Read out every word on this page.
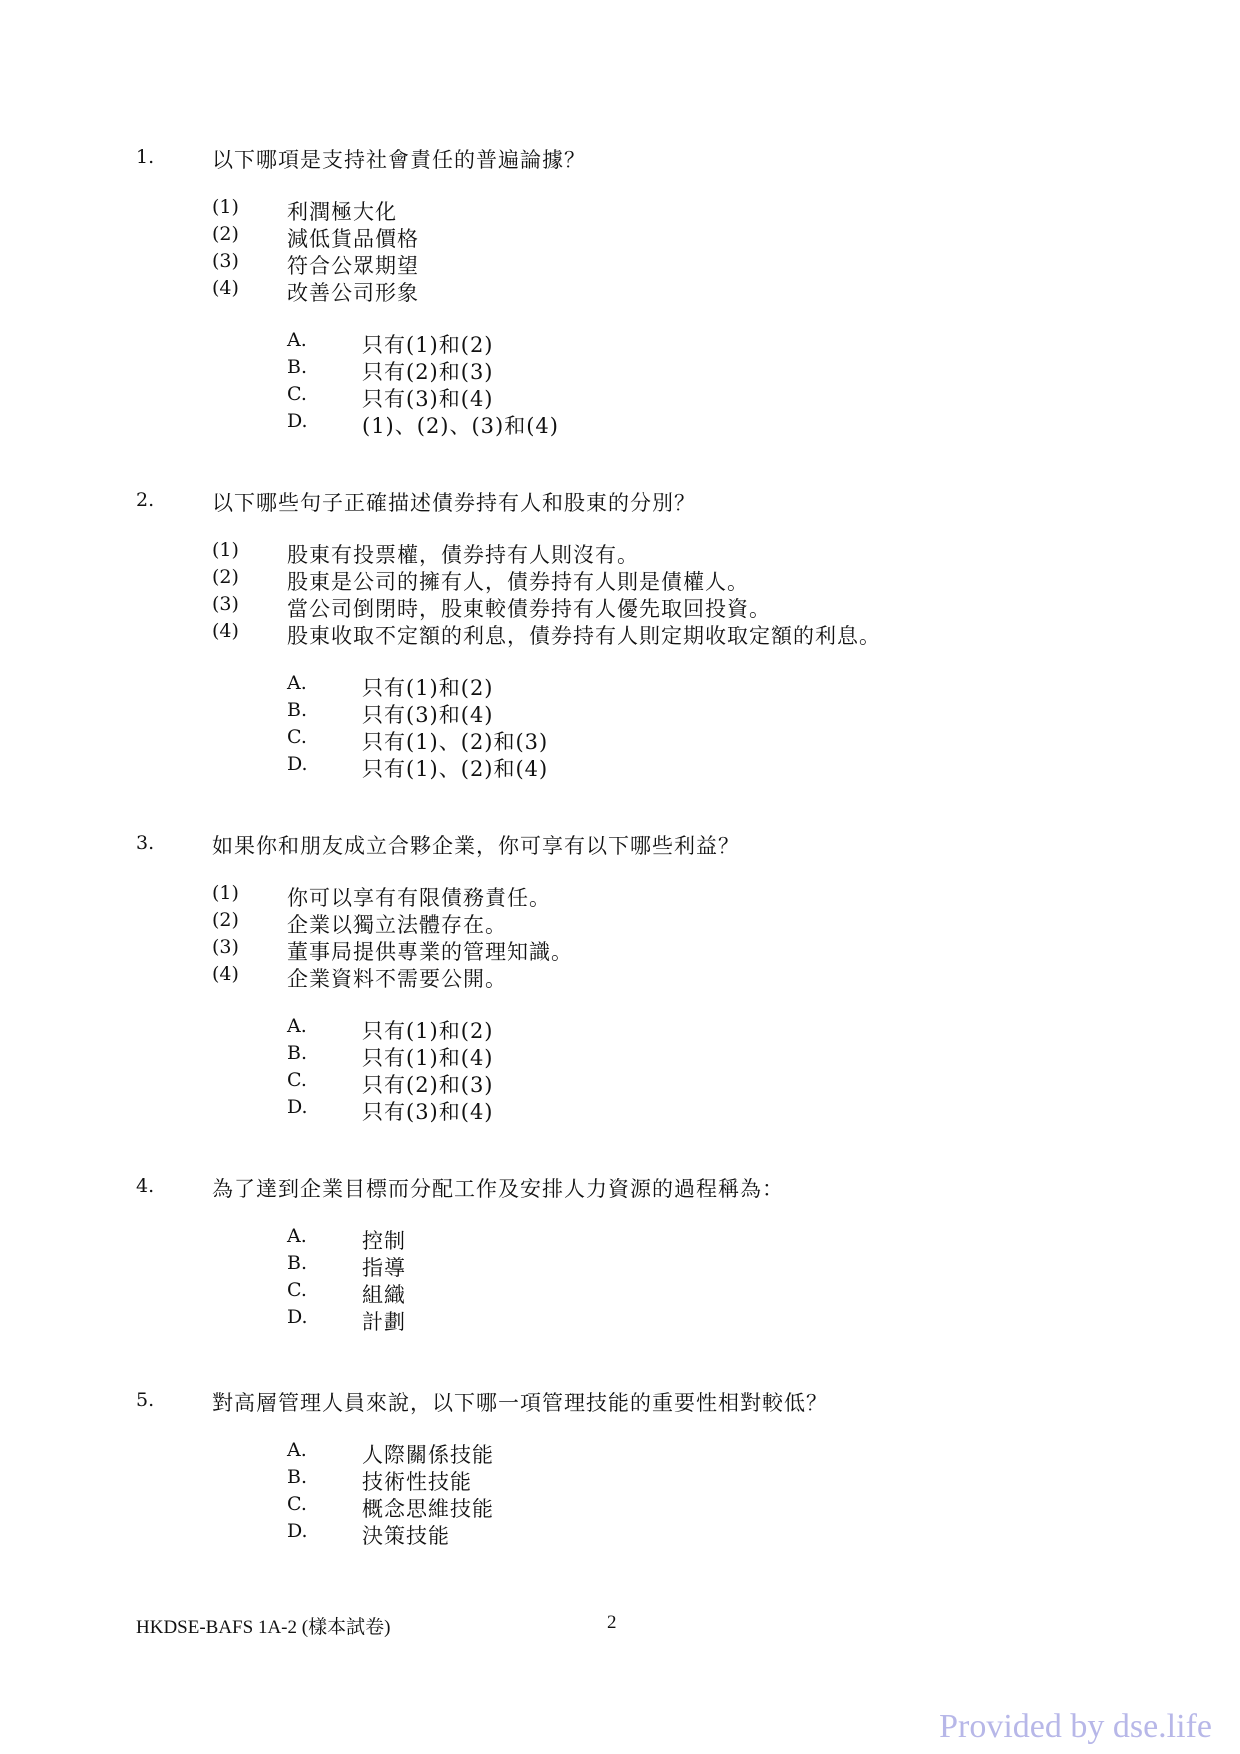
1.	以下哪項是支持社會責任的普遍論據？
(1) 利潤極大化
(2) 減低貨品價格
(3) 符合公眾期望
(4) 改善公司形象
A.	只有(1)和(2)
B.	只有(2)和(3)
C.	只有(3)和(4)
D.	(1)、(2)、(3)和(4)
2.	以下哪些句子正確描述債券持有人和股東的分別？
(1) 股東有投票權，債券持有人則沒有。
(2) 股東是公司的擁有人，債券持有人則是債權人。
(3) 當公司倒閉時，股東較債券持有人優先取回投資。
(4) 股東收取不定額的利息，債券持有人則定期收取定額的利息。
A.	只有(1)和(2)
B.	只有(3)和(4)
C.	只有(1)、(2)和(3)
D.	只有(1)、(2)和(4)
3.	如果你和朋友成立合夥企業，你可享有以下哪些利益？
(1) 你可以享有有限債務責任。
(2) 企業以獨立法體存在。
(3) 董事局提供專業的管理知識。
(4) 企業資料不需要公開。
A.	只有(1)和(2)
B.	只有(1)和(4)
C.	只有(2)和(3)
D.	只有(3)和(4)
4.	為了達到企業目標而分配工作及安排人力資源的過程稱為：
A.	控制
B.	指導
C.	組織
D.	計劃
5.	對高層管理人員來說，以下哪一項管理技能的重要性相對較低？
A.	人際關係技能
B.	技術性技能
C.	概念思維技能
D.	決策技能
HKDSE-BAFS 1A-2 (樣本試卷)	2
Provided by dse.life
